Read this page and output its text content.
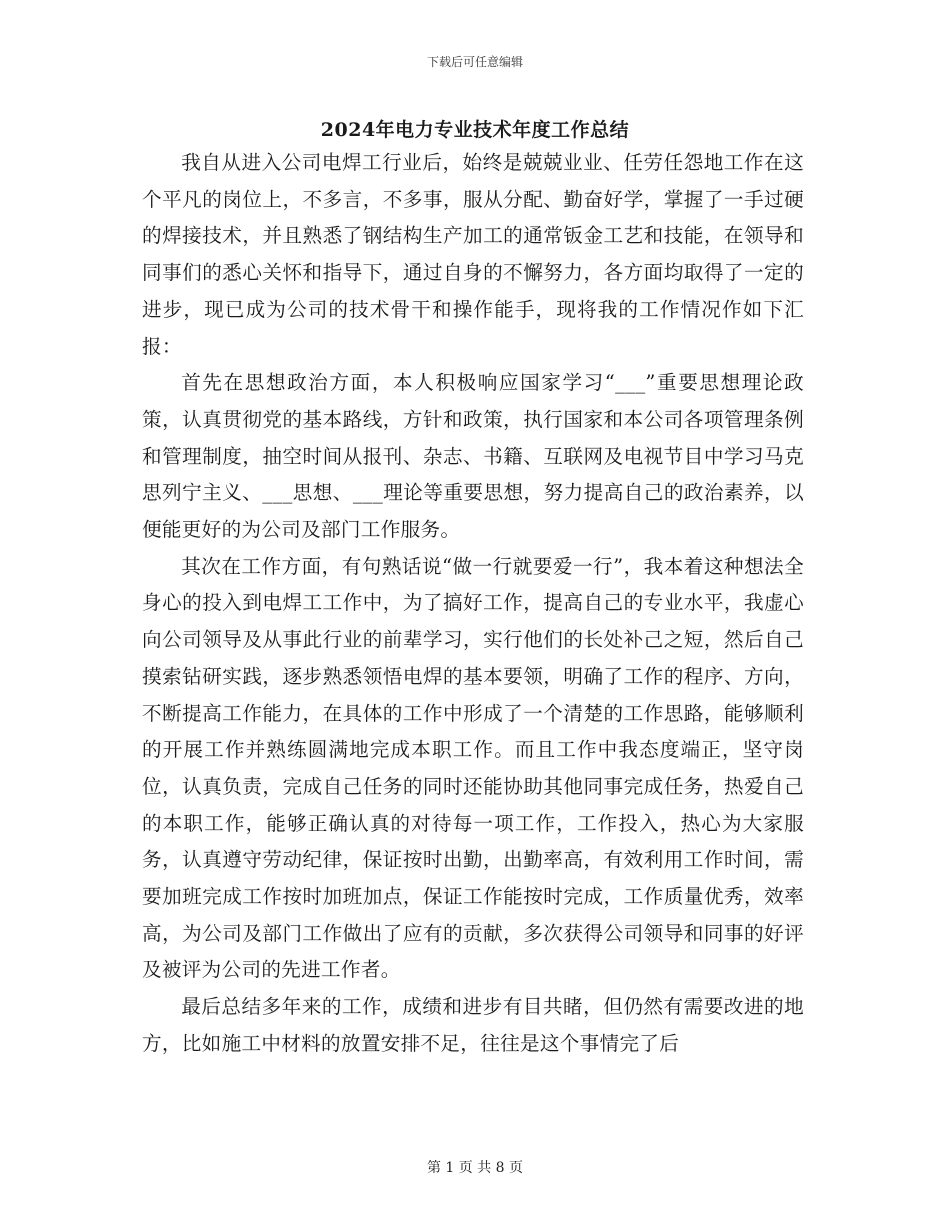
下载后可任意编辑
2024年电力专业技术年度工作总结

我自从进入公司电焊工行业后，始终是兢兢业业、任劳任怨地工作在这个平凡的岗位上，不多言，不多事，服从分配、勤奋好学，掌握了一手过硬的焊接技术，并且熟悉了钢结构生产加工的通常钣金工艺和技能，在领导和同事们的悉心关怀和指导下，通过自身的不懈努力，各方面均取得了一定的进步，现已成为公司的技术骨干和操作能手，现将我的工作情况作如下汇报：

首先在思想政治方面，本人积极响应国家学习“___”重要思想理论政策，认真贯彻党的基本路线，方针和政策，执行国家和本公司各项管理条例和管理制度，抽空时间从报刊、杂志、书籍、互联网及电视节目中学习马克思列宁主义、___思想、___理论等重要思想，努力提高自己的政治素养，以便能更好的为公司及部门工作服务。

其次在工作方面，有句熟话说“做一行就要爱一行”，我本着这种想法全身心的投入到电焊工工作中，为了搞好工作，提高自己的专业水平，我虚心向公司领导及从事此行业的前辈学习，实行他们的长处补己之短，然后自己摸索钻研实践，逐步熟悉领悟电焊的基本要领，明确了工作的程序、方向，不断提高工作能力，在具体的工作中形成了一个清楚的工作思路，能够顺利的开展工作并熟练圆满地完成本职工作。而且工作中我态度端正，坚守岗位，认真负责，完成自己任务的同时还能协助其他同事完成任务，热爱自己的本职工作，能够正确认真的对待每一项工作，工作投入，热心为大家服务，认真遵守劳动纪律，保证按时出勤，出勤率高，有效利用工作时间，需要加班完成工作按时加班加点，保证工作能按时完成，工作质量优秀，效率高，为公司及部门工作做出了应有的贡献，多次获得公司领导和同事的好评及被评为公司的先进工作者。

最后总结多年来的工作，成绩和进步有目共睹，但仍然有需要改进的地方，比如施工中材料的放置安排不足，往往是这个事情完了后

第 1 页 共 8 页
